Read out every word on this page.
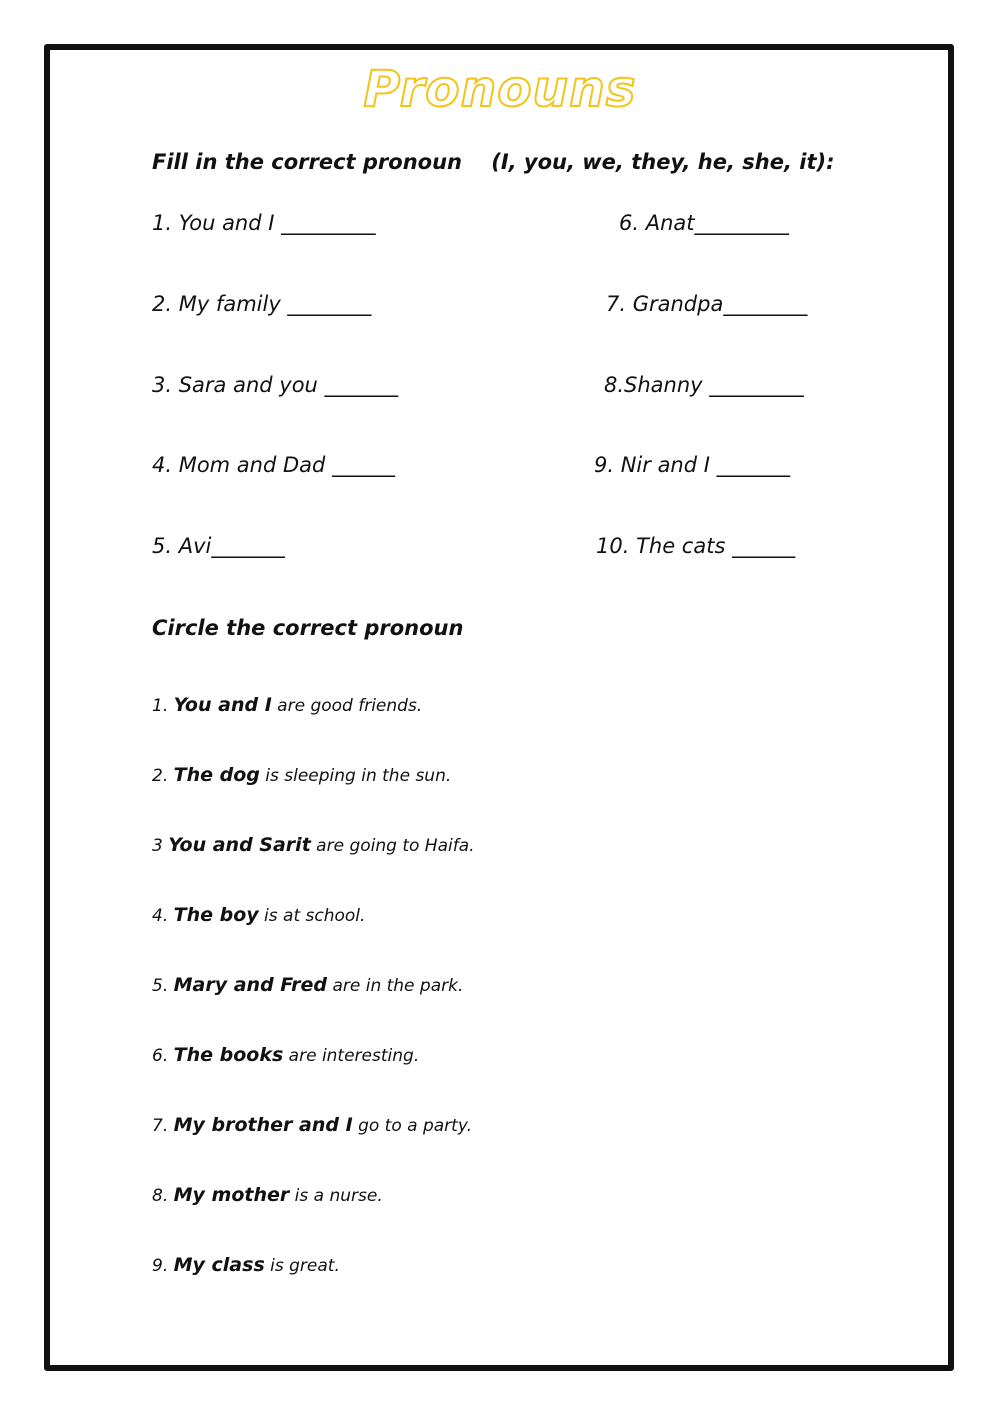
Pronouns
Fill in the correct pronoun    (I, you, we, they, he, she, it):
1. You and I _________
2. My family ________
3. Sara and you _______
4. Mom and Dad ______
5. Avi_______
6. Anat_________
7. Grandpa________
8.Shanny _________
9. Nir and I _______
10. The cats ______
Circle the correct pronoun
1. You and I are good friends.
2. The dog is sleeping in the sun.
3 You and Sarit are going to Haifa.
4. The boy is at school.
5. Mary and Fred are in the park.
6. The books are interesting.
7. My brother and I go to a party.
8. My mother is a nurse.
9. My class is great.
